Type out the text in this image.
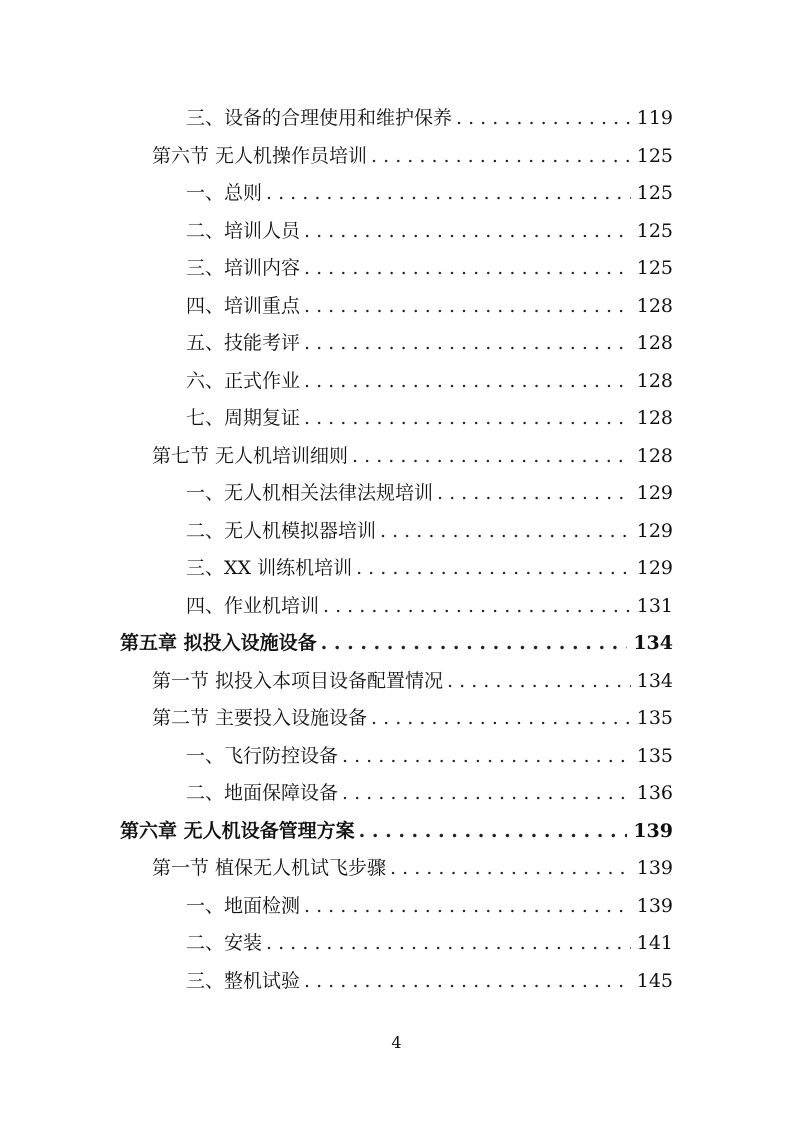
三、设备的合理使用和维护保养 . . .	119
第六节 无人机操作员培训 . . .	125
一、总则 . . .	125
二、培训人员 . . .	125
三、培训内容 . . .	125
四、培训重点 . . .	128
五、技能考评 . . .	128
六、正式作业 . . .	128
七、周期复证 . . .	128
第七节 无人机培训细则 . . .	128
一、无人机相关法律法规培训 . . .	129
二、无人机模拟器培训 . . .	129
三、XX 训练机培训 . . .	129
四、作业机培训 . . .	131
第五章 拟投入设施设备 . . .	134
第一节 拟投入本项目设备配置情况 . . .	134
第二节 主要投入设施设备 . . .	135
一、飞行防控设备 . . .	135
二、地面保障设备 . . .	136
第六章 无人机设备管理方案 . . .	139
第一节 植保无人机试飞步骤 . . .	139
一、地面检测 . . .	139
二、安装 . . .	141
三、整机试验 . . .	145
4
